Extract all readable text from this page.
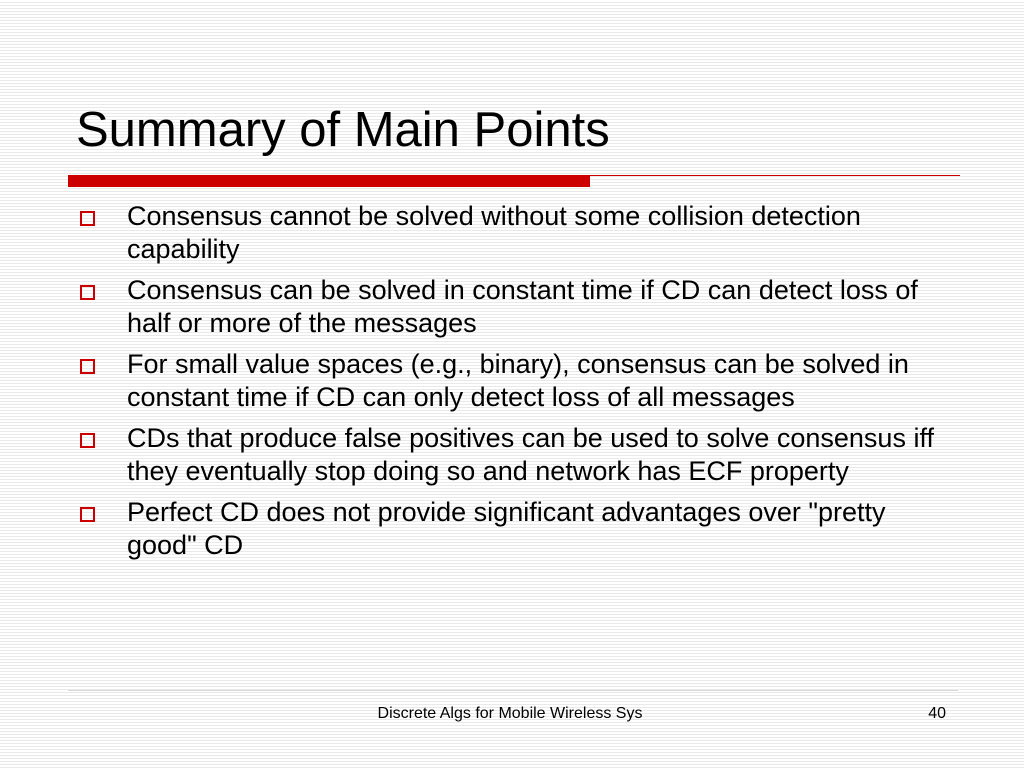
Summary of Main Points
Consensus cannot be solved without some collision detection capability
Consensus can be solved in constant time if CD can detect loss of half or more of the messages
For small value spaces (e.g., binary), consensus can be solved in constant time if CD can only detect loss of all messages
CDs that produce false positives can be used to solve consensus iff they eventually stop doing so and network has ECF property
Perfect CD does not provide significant advantages over "pretty good" CD
Discrete Algs for Mobile Wireless Sys	40
